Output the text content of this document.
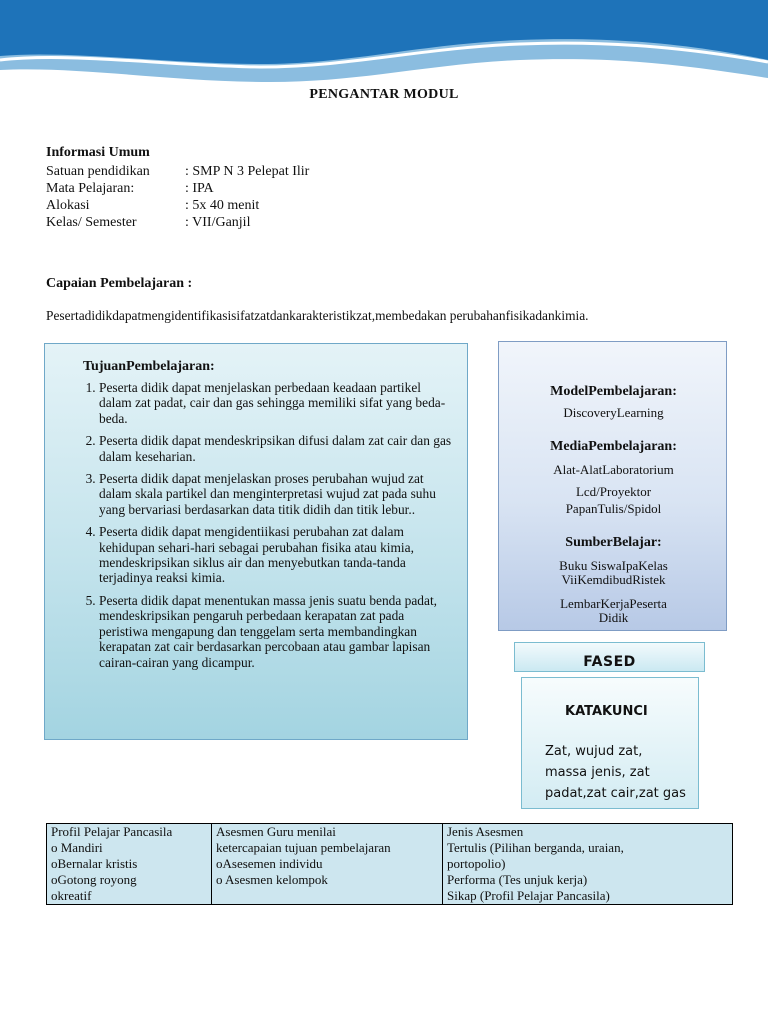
PENGANTAR MODUL
Informasi Umum
Satuan pendidikan	: SMP N 3 Pelepat Ilir
Mata Pelajaran:	: IPA
Alokasi	: 5x 40 menit
Kelas/ Semester	: VII/Ganjil
Capaian Pembelajaran :
Pesertadidikdapatmengidentifikasisifatzatdankarakteristikzat,membedakan perubahanfisikadankimia.
TujuanPembelajaran:
1. Peserta didik dapat menjelaskan perbedaan keadaan partikel dalam zat padat, cair dan gas sehingga memiliki sifat yang beda-beda.
2. Peserta didik dapat mendeskripsikan difusi dalam zat cair dan gas dalam keseharian.
3. Peserta didik dapat menjelaskan proses perubahan wujud zat dalam skala partikel dan menginterpretasi wujud zat pada suhu yang bervariasi berdasarkan data titik didih dan titik lebur..
4. Peserta didik dapat mengidentiikasi perubahan zat dalam kehidupan sehari-hari sebagai perubahan fisika atau kimia, mendeskripsikan siklus air dan menyebutkan tanda-tanda terjadinya reaksi kimia.
5. Peserta didik dapat menentukan massa jenis suatu benda padat, mendeskripsikan pengaruh perbedaan kerapatan zat pada peristiwa mengapung dan tenggelam serta membandingkan kerapatan zat cair berdasarkan percobaan atau gambar lapisan cairan-cairan yang dicampur.
ModelPembelajaran:
DiscoveryLearning
MediaPembelajaran:
Alat-AlatLaboratorium
Lcd/Proyektor
PapanTulis/Spidol
SumberBelajar:
Buku SiswaIpaKelas
ViiKemdibudRistek
LembarKerjaPeserta
Didik
FASED
KATAKUNCI
Zat, wujud zat,
massa jenis, zat
padat,zat cair,zat gas
Profil Pelajar Pancasila
o Mandiri
oBernalar kristis
oGotong royong
okreatif

Asesmen Guru menilai
ketercapaian tujuan pembelajaran
oAsesemen individu
o Asesmen kelompok

Jenis Asesmen
Tertulis (Pilihan berganda, uraian,
portopolio)
Performa (Tes unjuk kerja)
Sikap (Profil Pelajar Pancasila)
